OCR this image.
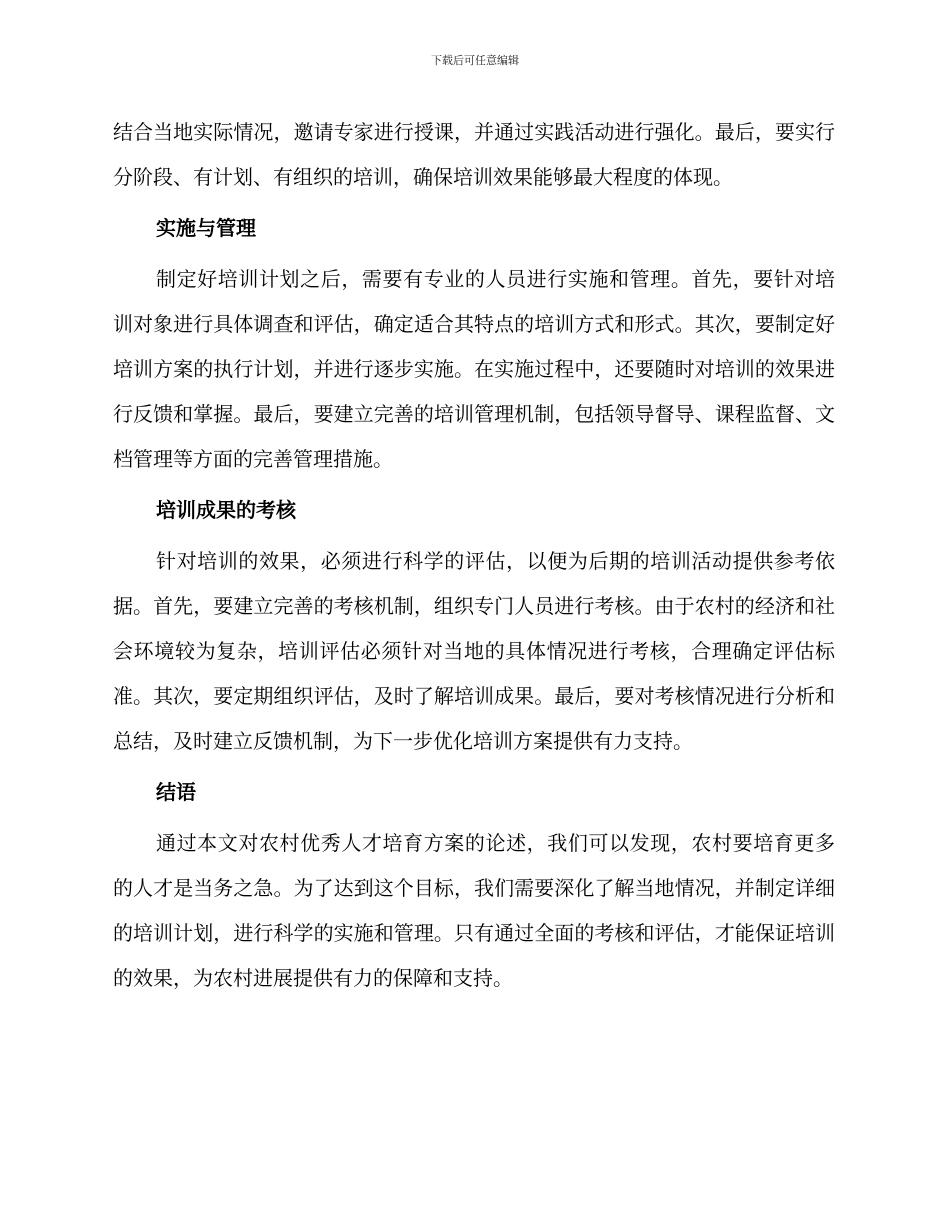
下载后可任意编辑

结合当地实际情况，邀请专家进行授课，并通过实践活动进行强化。最后，要实行分阶段、有计划、有组织的培训，确保培训效果能够最大程度的体现。

实施与管理

制定好培训计划之后，需要有专业的人员进行实施和管理。首先，要针对培训对象进行具体调查和评估，确定适合其特点的培训方式和形式。其次，要制定好培训方案的执行计划，并进行逐步实施。在实施过程中，还要随时对培训的效果进行反馈和掌握。最后，要建立完善的培训管理机制，包括领导督导、课程监督、文档管理等方面的完善管理措施。

培训成果的考核

针对培训的效果，必须进行科学的评估，以便为后期的培训活动提供参考依据。首先，要建立完善的考核机制，组织专门人员进行考核。由于农村的经济和社会环境较为复杂，培训评估必须针对当地的具体情况进行考核，合理确定评估标准。其次，要定期组织评估，及时了解培训成果。最后，要对考核情况进行分析和总结，及时建立反馈机制，为下一步优化培训方案提供有力支持。

结语

通过本文对农村优秀人才培育方案的论述，我们可以发现，农村要培育更多的人才是当务之急。为了达到这个目标，我们需要深化了解当地情况，并制定详细的培训计划，进行科学的实施和管理。只有通过全面的考核和评估，才能保证培训的效果，为农村进展提供有力的保障和支持。
